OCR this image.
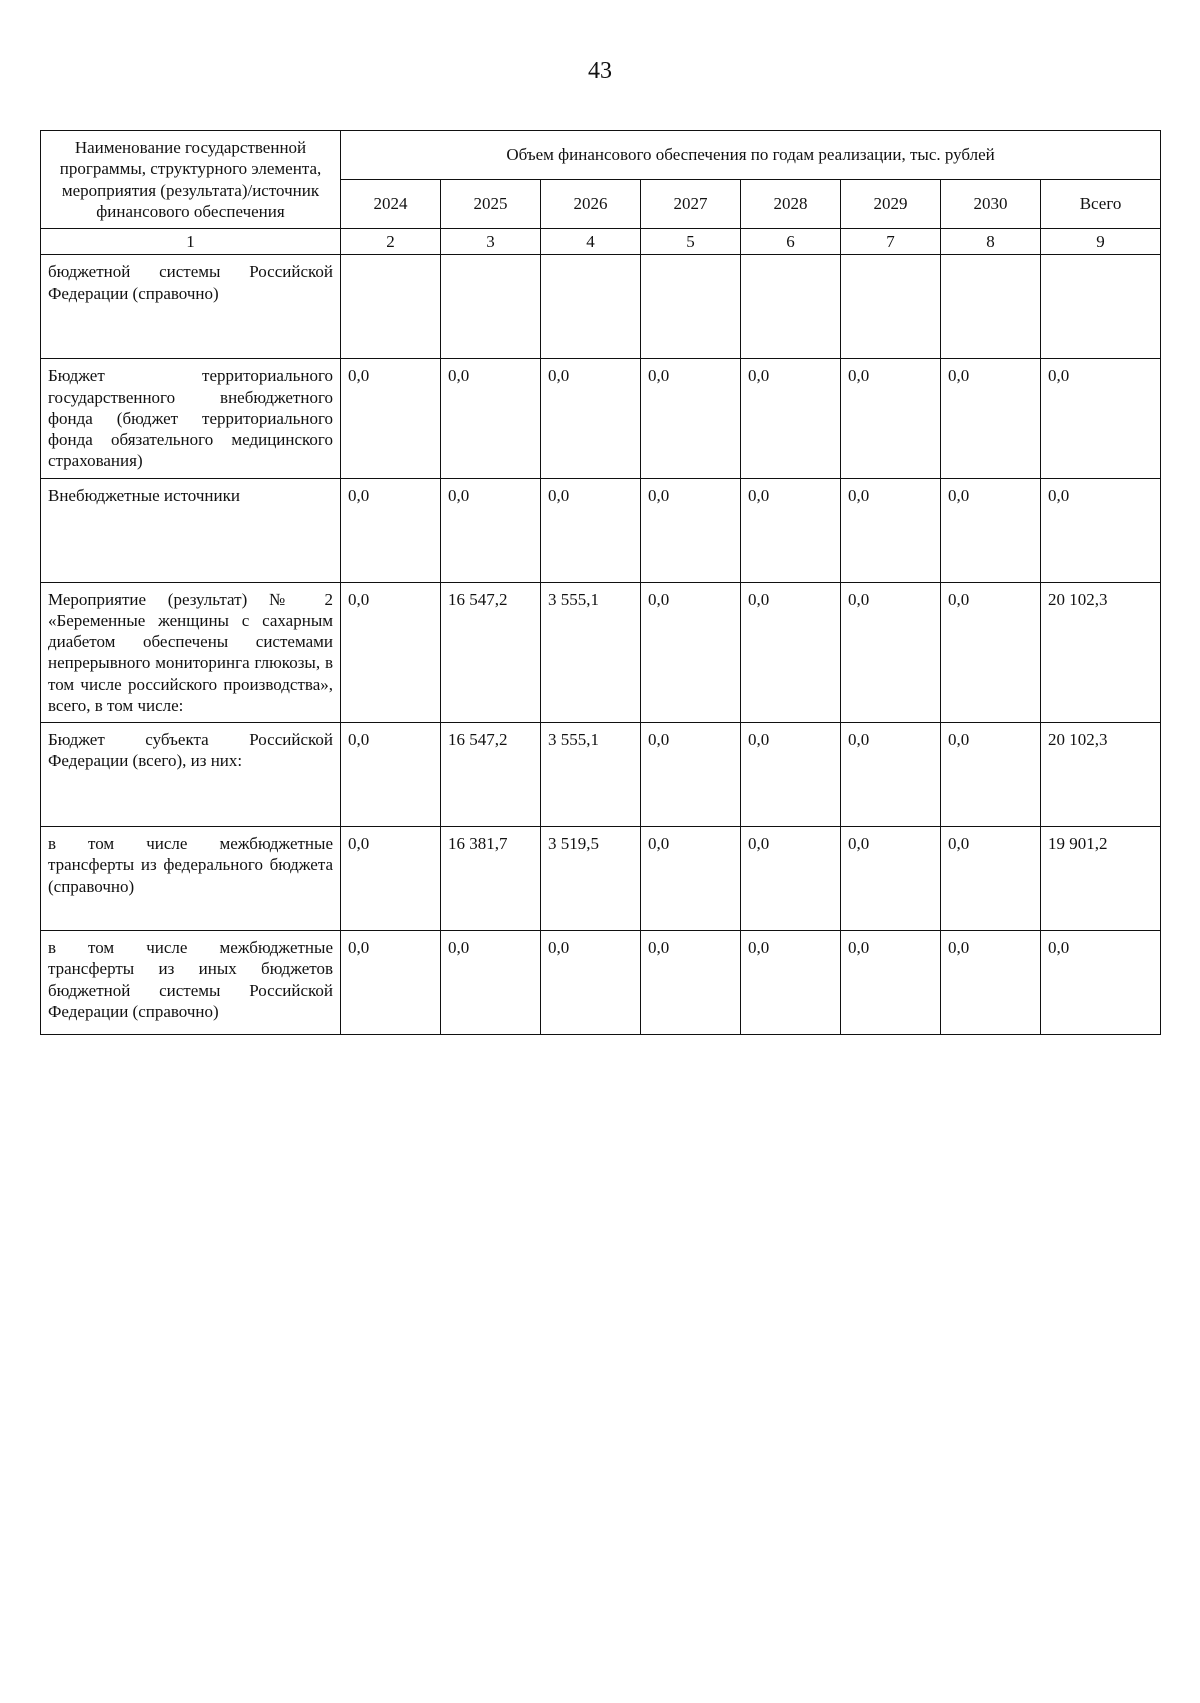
43
Наименование государственной программы, структурного элемента, мероприятия (результата)/источник финансового обеспечения	Объем финансового обеспечения по годам реализации, тыс. рублей							
	2024	2025	2026	2027	2028	2029	2030	Всего
1	2	3	4	5	6	7	8	9
бюджетной системы Российской Федерации (справочно)								
Бюджет территориального государственного внебюджетного фонда (бюджет территориального фонда обязательного медицинского страхования)	0,0	0,0	0,0	0,0	0,0	0,0	0,0	0,0
Внебюджетные источники	0,0	0,0	0,0	0,0	0,0	0,0	0,0	0,0
Мероприятие (результат) № 2 «Беременные женщины с сахарным диабетом обеспечены системами непрерывного мониторинга глюкозы, в том числе российского производства», всего, в том числе:	0,0	16 547,2	3 555,1	0,0	0,0	0,0	0,0	20 102,3
Бюджет субъекта Российской Федерации (всего), из них:	0,0	16 547,2	3 555,1	0,0	0,0	0,0	0,0	20 102,3
в том числе межбюджетные трансферты из федерального бюджета (справочно)	0,0	16 381,7	3 519,5	0,0	0,0	0,0	0,0	19 901,2
в том числе межбюджетные трансферты из иных бюджетов бюджетной системы Российской Федерации (справочно)	0,0	0,0	0,0	0,0	0,0	0,0	0,0	0,0
